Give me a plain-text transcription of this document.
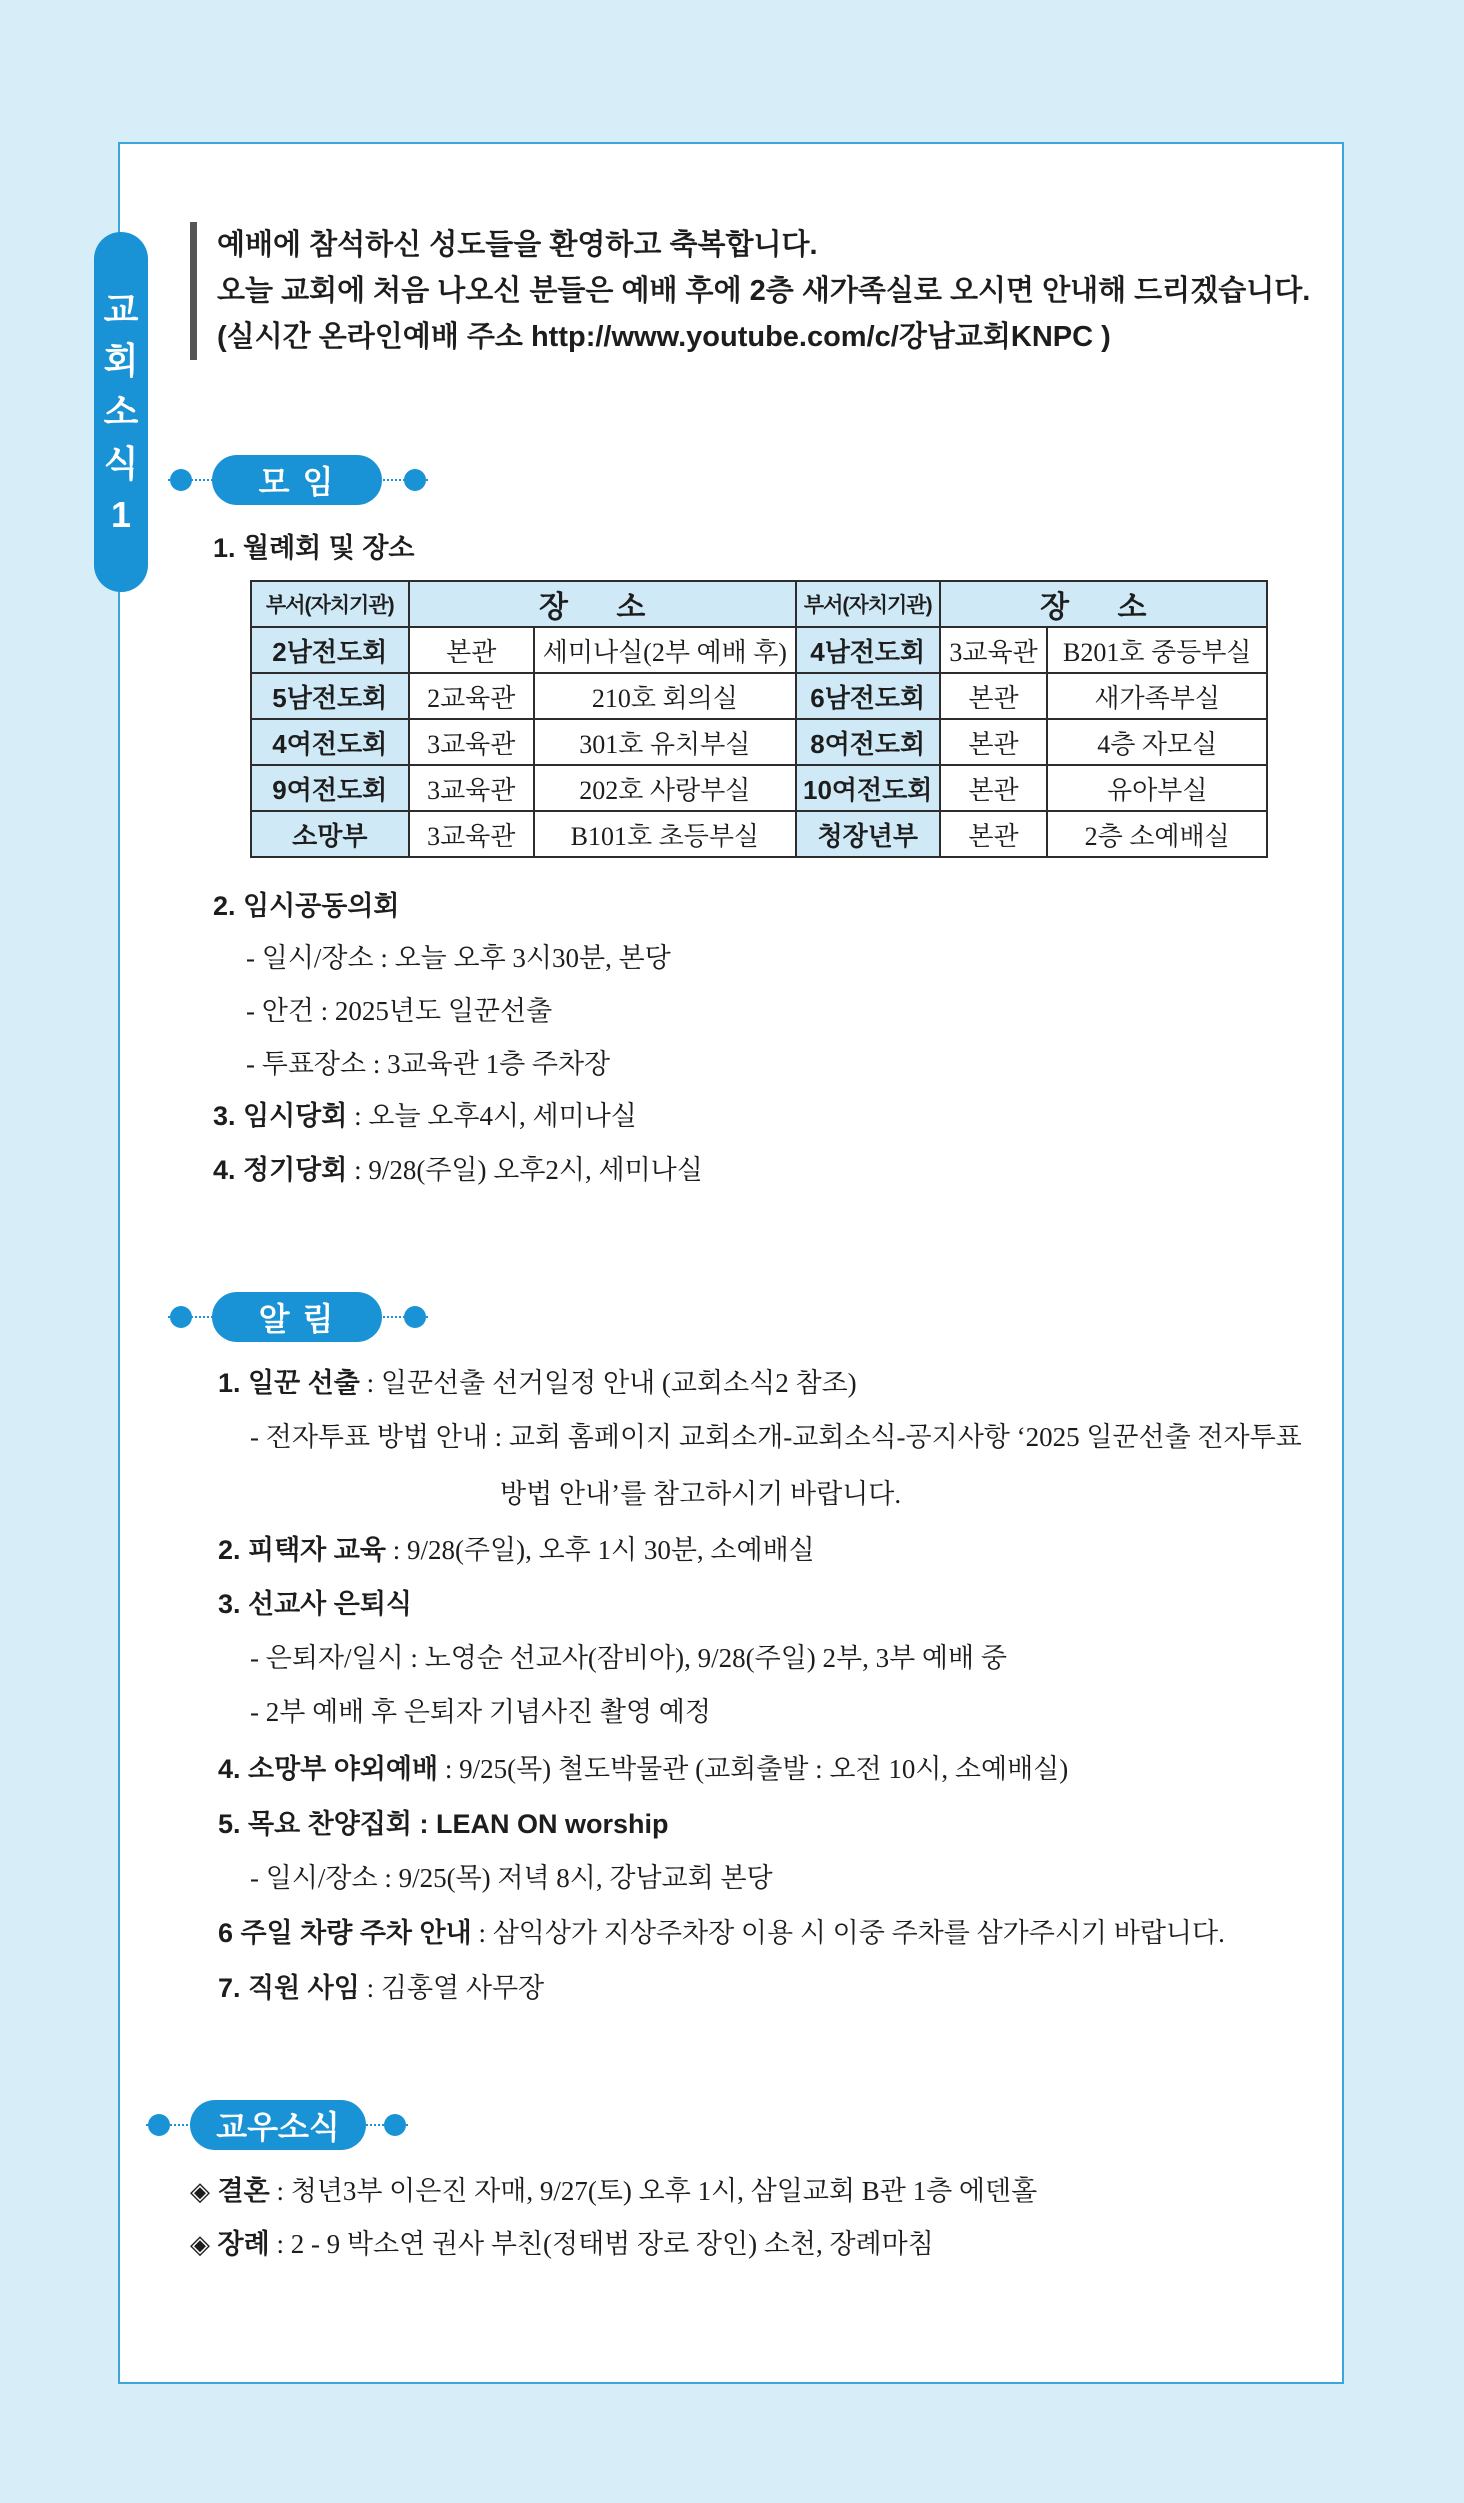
교
회
소
식
1
예배에 참석하신 성도들을 환영하고 축복합니다.
오늘 교회에 처음 나오신 분들은 예배 후에 2층 새가족실로 오시면 안내해 드리겠습니다.
(실시간 온라인예배 주소 http://www.youtube.com/c/강남교회KNPC )
모 임
1. 월례회 및 장소
부서(자치기관)	장 소		부서(자치기관)	장 소	
2남전도회	본관	세미나실(2부 예배 후)	4남전도회	3교육관	B201호 중등부실
5남전도회	2교육관	210호 회의실	6남전도회	본관	새가족부실
4여전도회	3교육관	301호 유치부실	8여전도회	본관	4층 자모실
9여전도회	3교육관	202호 사랑부실	10여전도회	본관	유아부실
소망부	3교육관	B101호 초등부실	청장년부	본관	2층 소예배실
2. 임시공동의회
- 일시/장소 : 오늘 오후 3시30분, 본당
- 안건 : 2025년도 일꾼선출
- 투표장소 : 3교육관 1층 주차장
3. 임시당회 : 오늘 오후4시, 세미나실
4. 정기당회 : 9/28(주일) 오후2시, 세미나실
알 림
1. 일꾼 선출 : 일꾼선출 선거일정 안내 (교회소식2 참조)
- 전자투표 방법 안내 : 교회 홈페이지 교회소개-교회소식-공지사항 ‘2025 일꾼선출 전자투표
방법 안내’를 참고하시기 바랍니다.
2. 피택자 교육 : 9/28(주일), 오후 1시 30분, 소예배실
3. 선교사 은퇴식
- 은퇴자/일시 : 노영순 선교사(잠비아), 9/28(주일) 2부, 3부 예배 중
- 2부 예배 후 은퇴자 기념사진 촬영 예정
4. 소망부 야외예배 : 9/25(목) 철도박물관 (교회출발 : 오전 10시, 소예배실)
5. 목요 찬양집회 : LEAN ON worship
- 일시/장소 : 9/25(목) 저녁 8시, 강남교회 본당
6 주일 차량 주차 안내 : 삼익상가 지상주차장 이용 시 이중 주차를 삼가주시기 바랍니다.
7. 직원 사임 : 김홍열 사무장
교우소식
◈ 결혼 : 청년3부 이은진 자매, 9/27(토) 오후 1시, 삼일교회 B관 1층 에덴홀
◈ 장례 : 2 - 9 박소연 권사 부친(정태범 장로 장인) 소천, 장례마침
